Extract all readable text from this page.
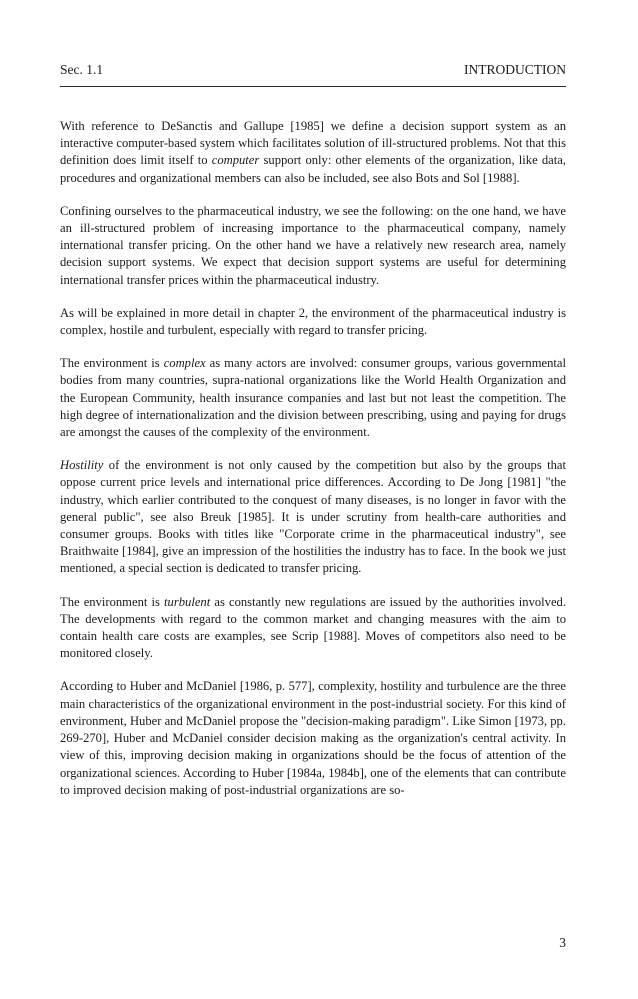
Sec. 1.1	INTRODUCTION

With reference to DeSanctis and Gallupe [1985] we define a decision support system as an interactive computer-based system which facilitates solution of ill-structured problems. Not that this definition does limit itself to computer support only: other elements of the organization, like data, procedures and organizational members can also be included, see also Bots and Sol [1988].

Confining ourselves to the pharmaceutical industry, we see the following: on the one hand, we have an ill-structured problem of increasing importance to the pharmaceutical company, namely international transfer pricing. On the other hand we have a relatively new research area, namely decision support systems. We expect that decision support systems are useful for determining international transfer prices within the pharmaceutical industry.

As will be explained in more detail in chapter 2, the environment of the pharmaceutical industry is complex, hostile and turbulent, especially with regard to transfer pricing.

The environment is complex as many actors are involved: consumer groups, various governmental bodies from many countries, supra-national organizations like the World Health Organization and the European Community, health insurance companies and last but not least the competition. The high degree of internationalization and the division between prescribing, using and paying for drugs are amongst the causes of the complexity of the environment.

Hostility of the environment is not only caused by the competition but also by the groups that oppose current price levels and international price differences. According to De Jong [1981] "the industry, which earlier contributed to the conquest of many diseases, is no longer in favor with the general public", see also Breuk [1985]. It is under scrutiny from health-care authorities and consumer groups. Books with titles like "Corporate crime in the pharmaceutical industry", see Braithwaite [1984], give an impression of the hostilities the industry has to face. In the book we just mentioned, a special section is dedicated to transfer pricing.

The environment is turbulent as constantly new regulations are issued by the authorities involved. The developments with regard to the common market and changing measures with the aim to contain health care costs are examples, see Scrip [1988]. Moves of competitors also need to be monitored closely.

According to Huber and McDaniel [1986, p. 577], complexity, hostility and turbulence are the three main characteristics of the organizational environment in the post-industrial society. For this kind of environment, Huber and McDaniel propose the "decision-making paradigm". Like Simon [1973, pp. 269-270], Huber and McDaniel consider decision making as the organization's central activity. In view of this, improving decision making in organizations should be the focus of attention of the organizational sciences. According to Huber [1984a, 1984b], one of the elements that can contribute to improved decision making of post-industrial organizations are so-

3
